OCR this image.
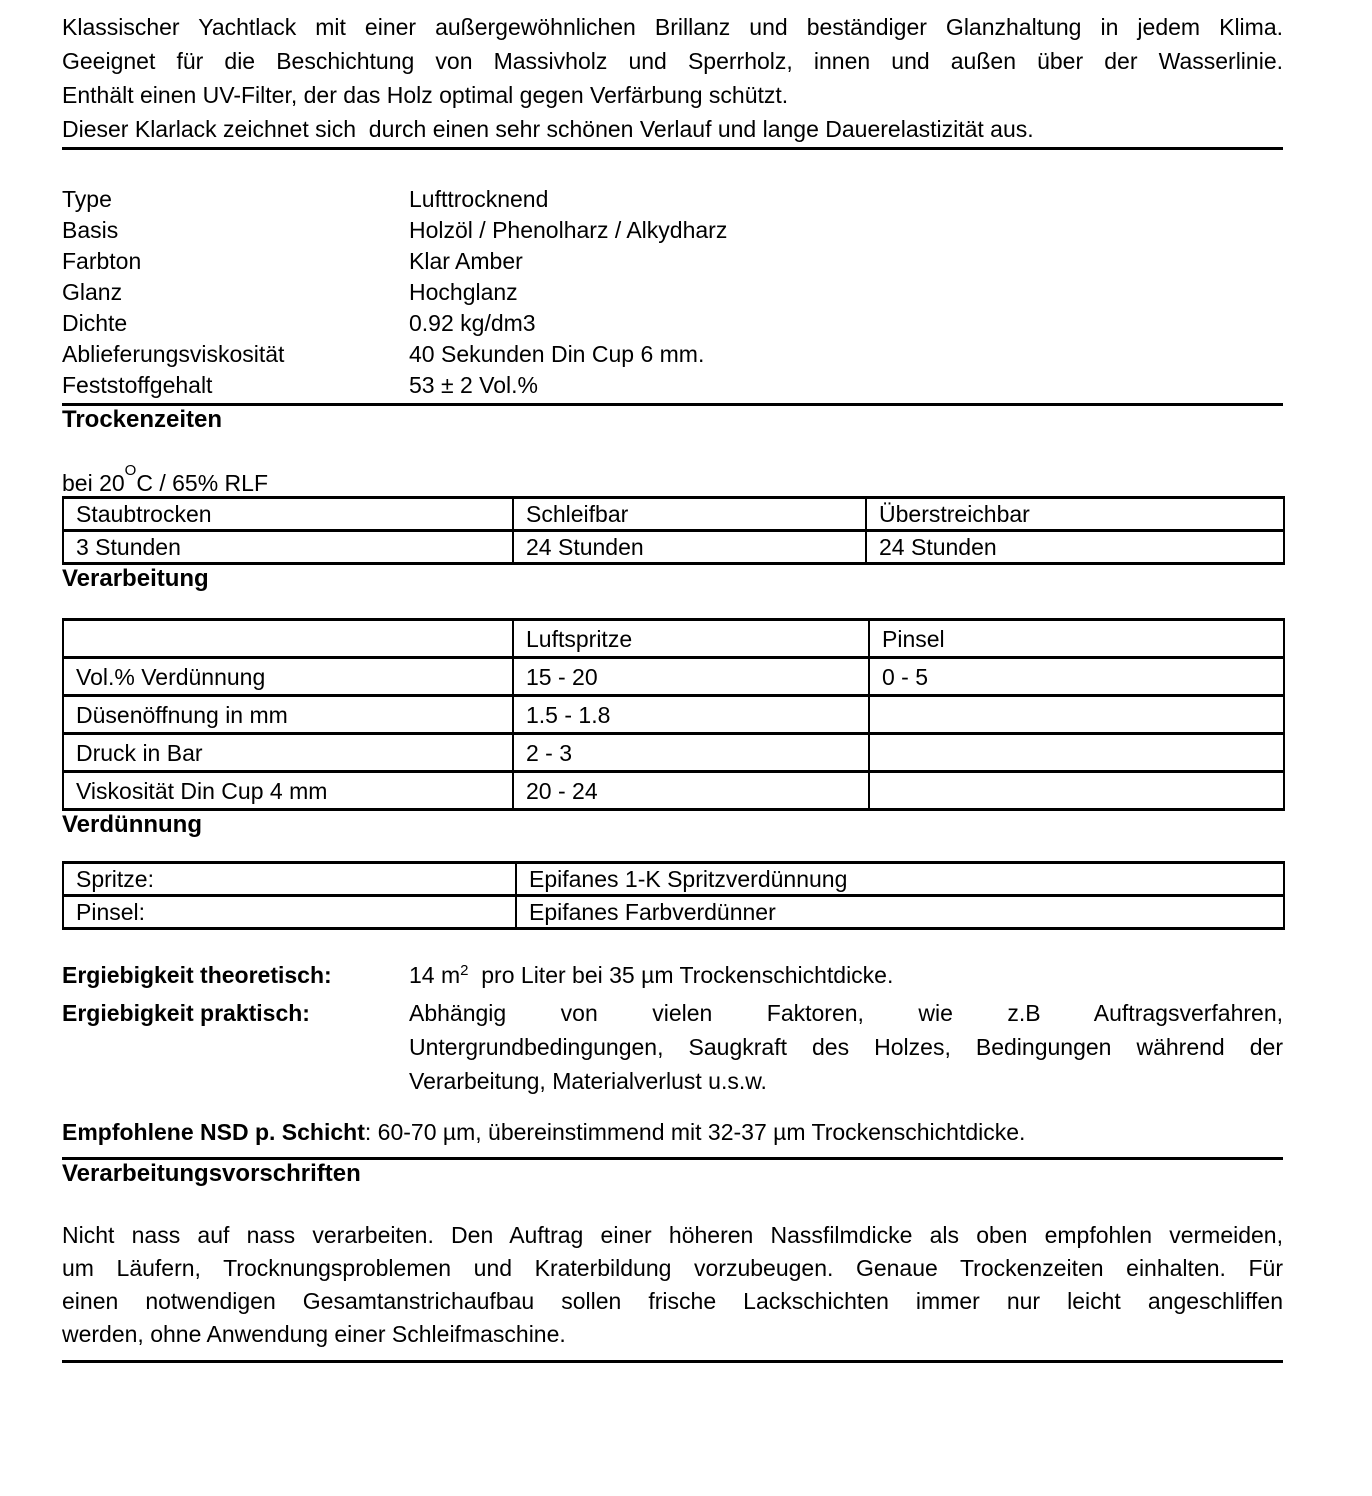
Klassischer Yachtlack mit einer außergewöhnlichen Brillanz und beständiger Glanzhaltung in jedem Klima.
Geeignet für die Beschichtung von Massivholz und Sperrholz, innen und außen über der Wasserlinie.
Enthält einen UV-Filter, der das Holz optimal gegen Verfärbung schützt.
Dieser Klarlack zeichnet sich  durch einen sehr schönen Verlauf und lange Dauerelastizität aus.
Type	Lufttrocknend
Basis	Holzöl / Phenolharz / Alkydharz
Farbton	Klar Amber
Glanz	Hochglanz
Dichte	0.92 kg/dm3
Ablieferungsviskosität	40 Sekunden Din Cup 6 mm.
Feststoffgehalt	53 ± 2 Vol.%
Trockenzeiten
bei $20^OC / 65\%$ RLF
Staubtrocken	Schleifbar	Überstreichbar
3 Stunden	24 Stunden	24 Stunden
Verarbeitung
	Luftspritze	Pinsel
Vol.% Verdünnung	15 - 20	0 - 5
Düsenöffnung in mm	1.5 - 1.8	
Druck in Bar	2 - 3	
Viskosität Din Cup 4 mm	20 - 24	
Verdünnung
Spritze:	Epifanes 1-K Spritzverdünnung
Pinsel:	Epifanes Farbverdünner
Ergiebigkeit theoretisch:	14 $m^2$  pro Liter bei 35 µm Trockenschichtdicke.
Ergiebigkeit praktisch:	Abhängig von vielen Faktoren, wie z.B Auftragsverfahren,
Untergrundbedingungen, Saugkraft des Holzes, Bedingungen während der
Verarbeitung, Materialverlust u.s.w.
Empfohlene NSD p. Schicht: 60-70 µm, übereinstimmend mit 32-37 µm Trockenschichtdicke.
Verarbeitungsvorschriften
Nicht nass auf nass verarbeiten. Den Auftrag einer höheren Nassfilmdicke als oben empfohlen vermeiden,
um Läufern, Trocknungsproblemen und Kraterbildung vorzubeugen. Genaue Trockenzeiten einhalten. Für
einen notwendigen Gesamtanstrichaufbau sollen frische Lackschichten immer nur leicht angeschliffen
werden, ohne Anwendung einer Schleifmaschine.
